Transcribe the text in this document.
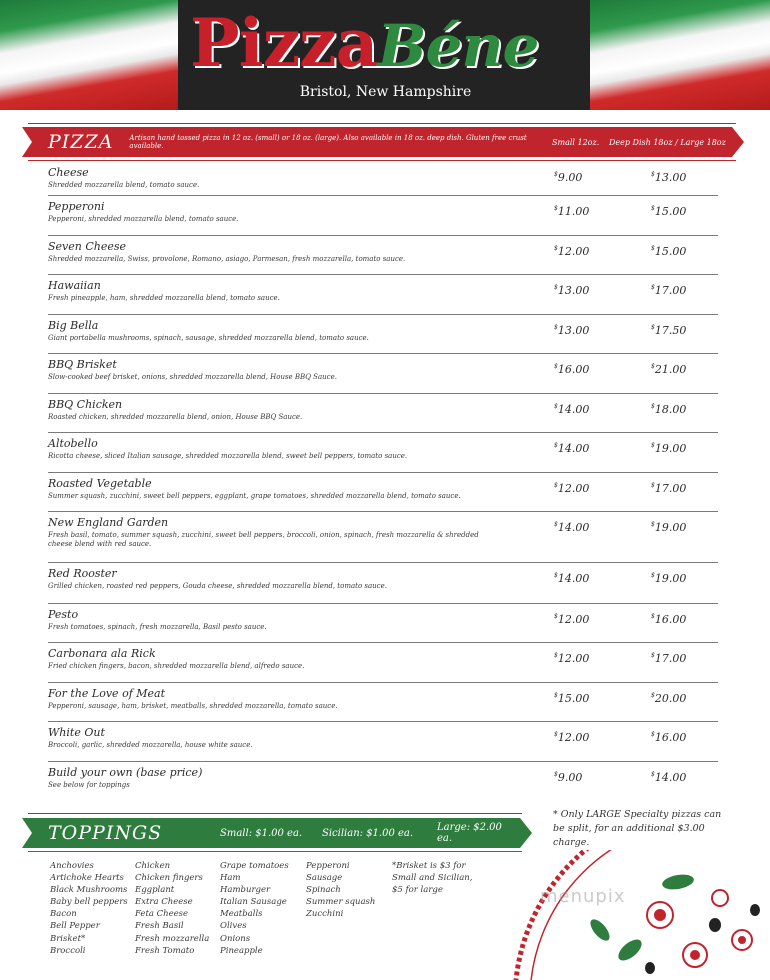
PizzaBéne
Bristol, New Hampshire
PIZZA Artisan hand tossed pizza in 12 oz. (small) or 18 oz. (large). Also available in 18 oz. deep dish. Gluten free crust available.	Small 12oz. Deep Dish 18oz / Large 18oz
Cheese
Shredded mozzarella blend, tomato sauce.
$9.00	$13.00
Pepperoni
Pepperoni, shredded mozzarella blend, tomato sauce.
$11.00	$15.00
Seven Cheese
Shredded mozzarella, Swiss, provolone, Romano, asiago, Parmesan, fresh mozzarella, tomato sauce.
$12.00	$15.00
Hawaiian
Fresh pineapple, ham, shredded mozzarella blend, tomato sauce.
$13.00	$17.00
Big Bella
Giant portabella mushrooms, spinach, sausage, shredded mozzarella blend, tomato sauce.
$13.00	$17.50
BBQ Brisket
Slow-cooked beef brisket, onions, shredded mozzarella blend, House BBQ Sauce.
$16.00	$21.00
BBQ Chicken
Roasted chicken, shredded mozzarella blend, onion, House BBQ Sauce.
$14.00	$18.00
Altobello
Ricotta cheese, sliced Italian sausage, shredded mozzarella blend, sweet bell peppers, tomato sauce.
$14.00	$19.00
Roasted Vegetable
Summer squash, zucchini, sweet bell peppers, eggplant, grape tomatoes, shredded mozzarella blend, tomato sauce.
$12.00	$17.00
New England Garden
Fresh basil, tomato, summer squash, zucchini, sweet bell peppers, broccoli, onion, spinach, fresh mozzarella & shredded cheese blend with red sauce.
$14.00	$19.00
Red Rooster
Grilled chicken, roasted red peppers, Gouda cheese, shredded mozzarella blend, tomato sauce.
$14.00	$19.00
Pesto
Fresh tomatoes, spinach, fresh mozzarella, Basil pesto sauce.
$12.00	$16.00
Carbonara ala Rick
Fried chicken fingers, bacon, shredded mozzarella blend, alfredo sauce.
$12.00	$17.00
For the Love of Meat
Pepperoni, sausage, ham, brisket, meatballs, shredded mozzarella, tomato sauce.
$15.00	$20.00
White Out
Broccoli, garlic, shredded mozzarella, house white sauce.
$12.00	$16.00
Build your own (base price)
See below for toppings
$9.00	$14.00
* Only LARGE Specialty pizzas can be split, for an additional $3.00 charge.
TOPPINGS	Small: $1.00 ea. Sicilian: $1.00 ea. Large: $2.00 ea.
*Brisket is $3 for Small and Sicilian, $5 for large
Anchovies
Artichoke Hearts
Black Mushrooms
Baby bell peppers
Bacon
Bell Pepper
Brisket*
Broccoli
Chicken
Chicken fingers
Eggplant
Extra Cheese
Feta Cheese
Fresh Basil
Fresh mozzarella
Fresh Tomato
Grape tomatoes
Ham
Hamburger
Italian Sausage
Meatballs
Olives
Onions
Pineapple
Pepperoni
Sausage
Spinach
Summer squash
Zucchini
menupix
